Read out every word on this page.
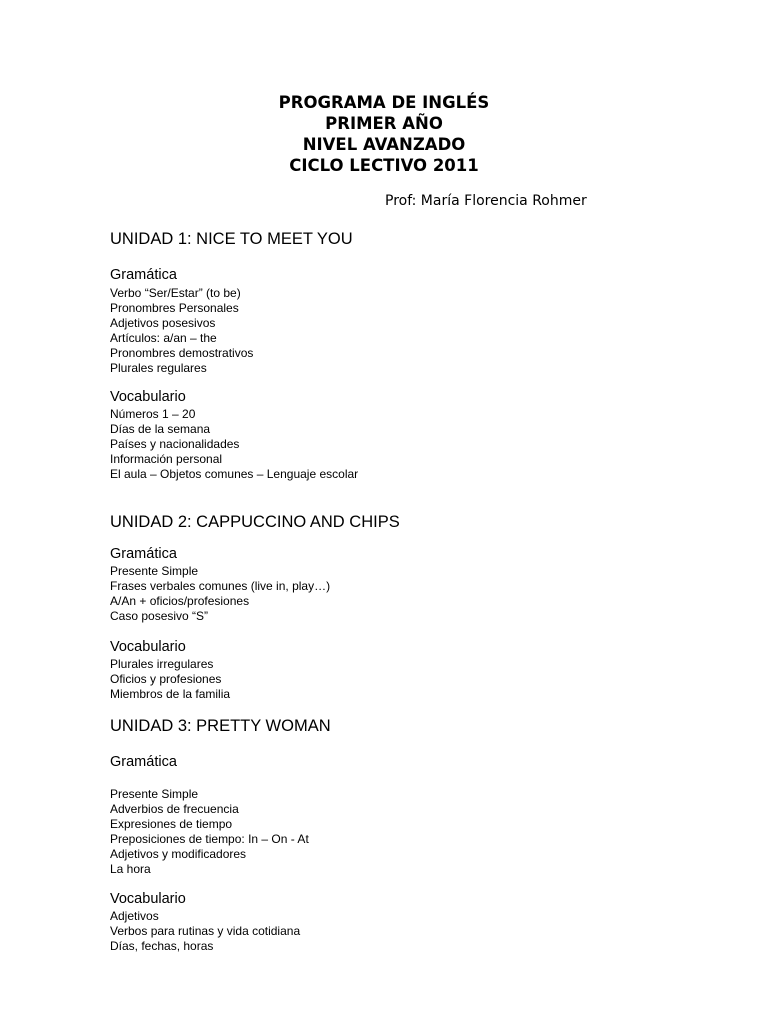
PROGRAMA DE INGLÉS
PRIMER AÑO
NIVEL AVANZADO
CICLO LECTIVO 2011
Prof: María Florencia Rohmer
UNIDAD 1: NICE TO MEET YOU
Gramática
Verbo “Ser/Estar” (to be)
Pronombres Personales
Adjetivos posesivos
Artículos: a/an – the
Pronombres demostrativos
Plurales regulares
Vocabulario
Números 1 – 20
Días de la semana
Países y nacionalidades
Información personal
El aula – Objetos comunes – Lenguaje escolar
UNIDAD 2: CAPPUCCINO AND CHIPS
Gramática
Presente Simple
Frases verbales comunes (live in, play…)
A/An + oficios/profesiones
Caso posesivo “S”
Vocabulario
Plurales irregulares
Oficios y profesiones
Miembros de la familia
UNIDAD 3: PRETTY WOMAN
Gramática
Presente Simple
Adverbios de frecuencia
Expresiones de tiempo
Preposiciones de tiempo: In – On - At
Adjetivos y modificadores
La hora
Vocabulario
Adjetivos
Verbos para rutinas y vida cotidiana
Días, fechas, horas
